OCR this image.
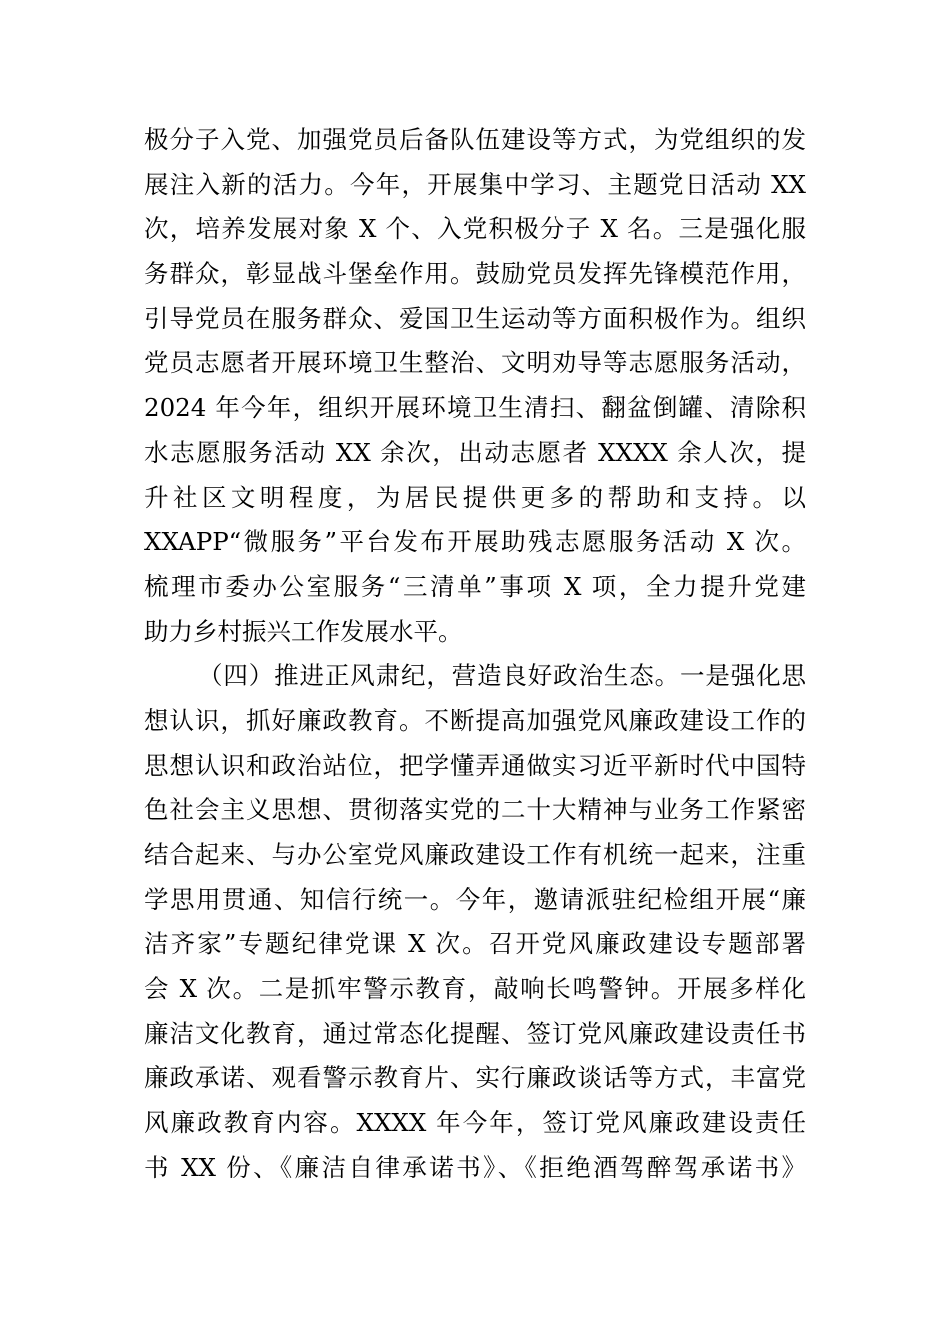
极分子入党、加强党员后备队伍建设等方式，为党组织的发
展注入新的活力。今年，开展集中学习、主题党日活动 XX
次，培养发展对象 X 个、入党积极分子 X 名。三是强化服
务群众，彰显战斗堡垒作用。鼓励党员发挥先锋模范作用，
引导党员在服务群众、爱国卫生运动等方面积极作为。组织
党员志愿者开展环境卫生整治、文明劝导等志愿服务活动，
2024 年今年，组织开展环境卫生清扫、翻盆倒罐、清除积
水志愿服务活动 XX 余次，出动志愿者 XXXX 余人次，提
升社区文明程度，为居民提供更多的帮助和支持。以
XXAPP“微服务”平台发布开展助残志愿服务活动 X 次。
梳理市委办公室服务“三清单”事项 X 项，全力提升党建
助力乡村振兴工作发展水平。
（四）推进正风肃纪，营造良好政治生态。一是强化思
想认识，抓好廉政教育。不断提高加强党风廉政建设工作的
思想认识和政治站位，把学懂弄通做实习近平新时代中国特
色社会主义思想、贯彻落实党的二十大精神与业务工作紧密
结合起来、与办公室党风廉政建设工作有机统一起来，注重
学思用贯通、知信行统一。今年，邀请派驻纪检组开展“廉
洁齐家”专题纪律党课 X 次。召开党风廉政建设专题部署
会 X 次。二是抓牢警示教育，敲响长鸣警钟。开展多样化
廉洁文化教育，通过常态化提醒、签订党风廉政建设责任书
廉政承诺、观看警示教育片、实行廉政谈话等方式，丰富党
风廉政教育内容。XXXX 年今年，签订党风廉政建设责任
书 XX 份、《廉洁自律承诺书》、《拒绝酒驾醉驾承诺书》
